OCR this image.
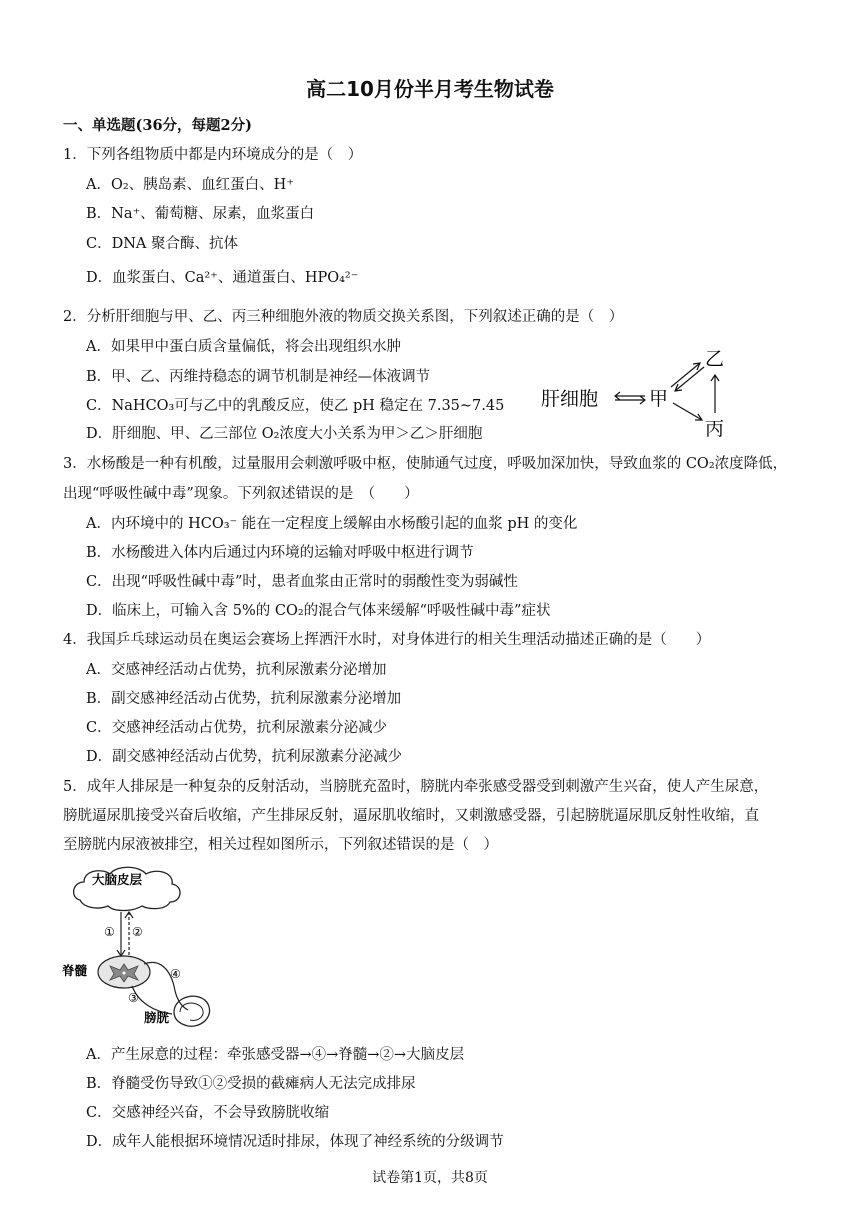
高二10月份半月考生物试卷
一、单选题(36分，每题2分)
1．下列各组物质中都是内环境成分的是（　）
A．O₂、胰岛素、血红蛋白、H⁺
B．Na⁺、葡萄糖、尿素，血浆蛋白
C．DNA 聚合酶、抗体
D．血浆蛋白、Ca²⁺、通道蛋白、HPO₄²⁻
2．分析肝细胞与甲、乙、丙三种细胞外液的物质交换关系图，下列叙述正确的是（　）
A．如果甲中蛋白质含量偏低，将会出现组织水肿
B．甲、乙、丙维持稳态的调节机制是神经—体液调节
C．NaHCO₃可与乙中的乳酸反应，使乙 pH 稳定在 7.35~7.45
D．肝细胞、甲、乙三部位 O₂浓度大小关系为甲＞乙＞肝细胞
肝细胞	甲
乙
丙
3．水杨酸是一种有机酸，过量服用会刺激呼吸中枢，使肺通气过度，呼吸加深加快，导致血浆的 CO₂浓度降低，
出现“呼吸性碱中毒”现象。下列叙述错误的是　（　　）
A．内环境中的 HCO₃⁻ 能在一定程度上缓解由水杨酸引起的血浆 pH 的变化
B．水杨酸进入体内后通过内环境的运输对呼吸中枢进行调节
C．出现“呼吸性碱中毒”时，患者血浆由正常时的弱酸性变为弱碱性
D．临床上，可输入含 5%的 CO₂的混合气体来缓解“呼吸性碱中毒”症状
4．我国乒乓球运动员在奥运会赛场上挥洒汗水时，对身体进行的相关生理活动描述正确的是（　　）
A．交感神经活动占优势，抗利尿激素分泌增加
B．副交感神经活动占优势，抗利尿激素分泌增加
C．交感神经活动占优势，抗利尿激素分泌减少
D．副交感神经活动占优势，抗利尿激素分泌减少
5．成年人排尿是一种复杂的反射活动，当膀胱充盈时，膀胱内牵张感受器受到刺激产生兴奋，使人产生尿意，
膀胱逼尿肌接受兴奋后收缩，产生排尿反射，逼尿肌收缩时，又刺激感受器，引起膀胱逼尿肌反射性收缩，直
至膀胱内尿液被排空，相关过程如图所示，下列叙述错误的是（　）
大脑皮层
① ②
脊髓	④
③
膀胱
A．产生尿意的过程：牵张感受器→④→脊髓→②→大脑皮层
B．脊髓受伤导致①②受损的截瘫病人无法完成排尿
C．交感神经兴奋，不会导致膀胱收缩
D．成年人能根据环境情况适时排尿，体现了神经系统的分级调节
试卷第1页，共8页
